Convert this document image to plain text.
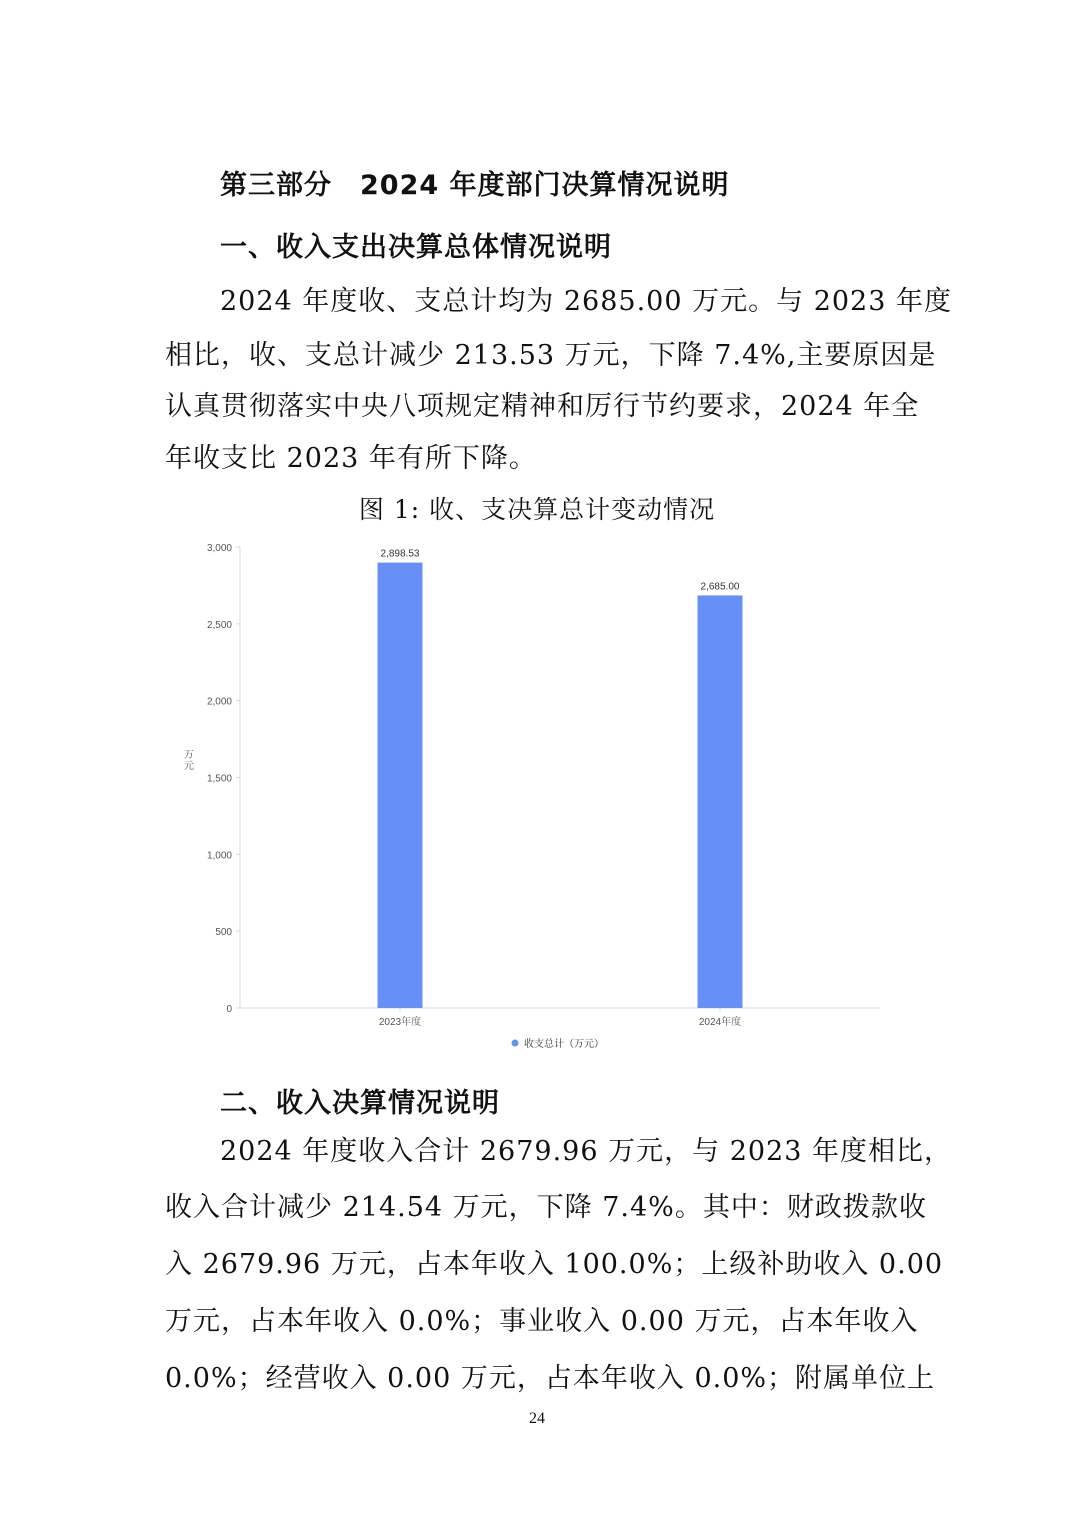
第三部分　2024 年度部门决算情况说明
一、收入支出决算总体情况说明

2024 年度收、支总计均为 2685.00 万元。与 2023 年度

相比，收、支总计减少 213.53 万元，下降 7.4%,主要原因是

认真贯彻落实中央八项规定精神和厉行节约要求，2024 年全

年收支比 2023 年有所下降。

图 1: 收、支决算总计变动情况

0
500
1,000
1,500
2,000
2,500
3,000
万元
2,898.53
2023年度
2,685.00
2024年度
收支总计（万元）
二、收入决算情况说明

2024 年度收入合计 2679.96 万元，与 2023 年度相比，

收入合计减少 214.54 万元，下降 7.4%。其中：财政拨款收

入 2679.96 万元，占本年收入 100.0%；上级补助收入 0.00

万元，占本年收入 0.0%；事业收入 0.00 万元，占本年收入

0.0%；经营收入 0.00 万元，占本年收入 0.0%；附属单位上

24
